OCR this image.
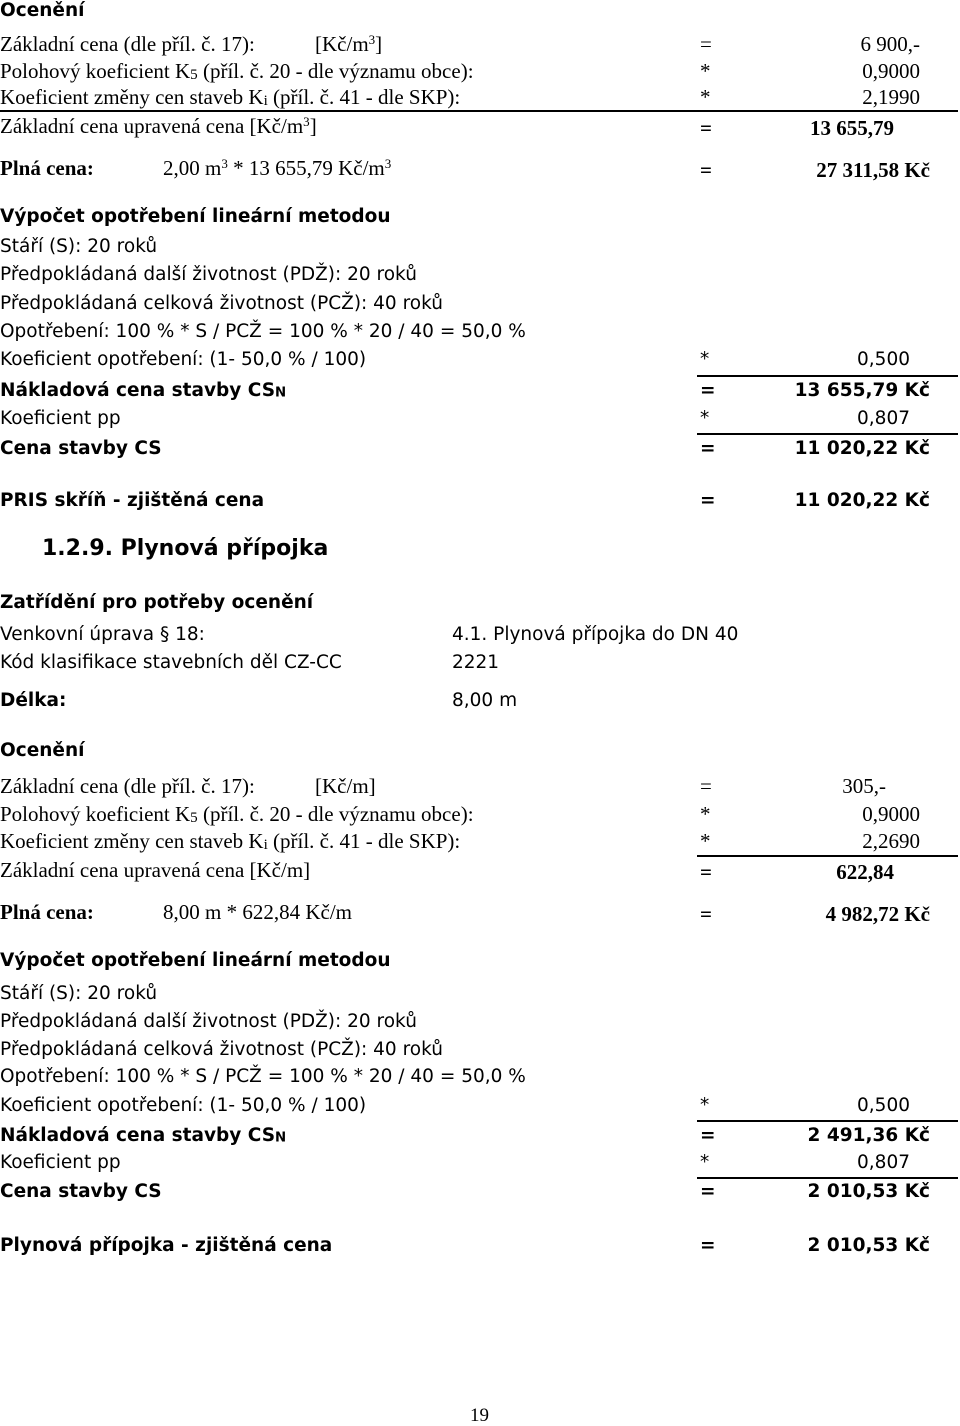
Ocenění
Základní cena (dle příl. č. 17):	$[Kč/m^3]$	=	6 900,-
Polohový koeficient K5 (příl. č. 20 - dle významu obce):	*	0,9000
Koeficient změny cen staveb Ki (příl. č. 41 - dle SKP):	*	2,1990
Základní cena upravená cena $[Kč/m^3]$	=	13 655,79
Plná cena:	2,00 $m^3 * 13$ 655,79 $Kč/m^3$	=	27 311,58 Kč
Výpočet opotřebení lineární metodou
Stáří (S): 20 roků
Předpokládaná další životnost (PDŽ): 20 roků
Předpokládaná celková životnost (PCŽ): 40 roků
Opotřebení: 100 % * S / PCŽ = 100 % * 20 / 40 = 50,0 %
Koeficient opotřebení: (1- 50,0 % / 100)	*	0,500
Nákladová cena stavby CSN	=	13 655,79 Kč
Koeficient pp	*	0,807
Cena stavby CS	=	11 020,22 Kč
PRIS skříň - zjištěná cena	=	11 020,22 Kč
1.2.9. Plynová přípojka
Zatřídění pro potřeby ocenění
Venkovní úprava § 18:	4.1. Plynová přípojka do DN 40
Kód klasifikace stavebních děl CZ-CC	2221
Délka:	8,00 m
Ocenění
Základní cena (dle příl. č. 17):	[Kč/m]	=	305,-
Polohový koeficient K5 (příl. č. 20 - dle významu obce):	*	0,9000
Koeficient změny cen staveb Ki (příl. č. 41 - dle SKP):	*	2,2690
Základní cena upravená cena [Kč/m]	=	622,84
Plná cena:	8,00 m * 622,84 Kč/m	=	4 982,72 Kč
Výpočet opotřebení lineární metodou
Stáří (S): 20 roků
Předpokládaná další životnost (PDŽ): 20 roků
Předpokládaná celková životnost (PCŽ): 40 roků
Opotřebení: 100 % * S / PCŽ = 100 % * 20 / 40 = 50,0 %
Koeficient opotřebení: (1- 50,0 % / 100)	*	0,500
Nákladová cena stavby CSN	=	2 491,36 Kč
Koeficient pp	*	0,807
Cena stavby CS	=	2 010,53 Kč
Plynová přípojka - zjištěná cena	=	2 010,53 Kč
19
